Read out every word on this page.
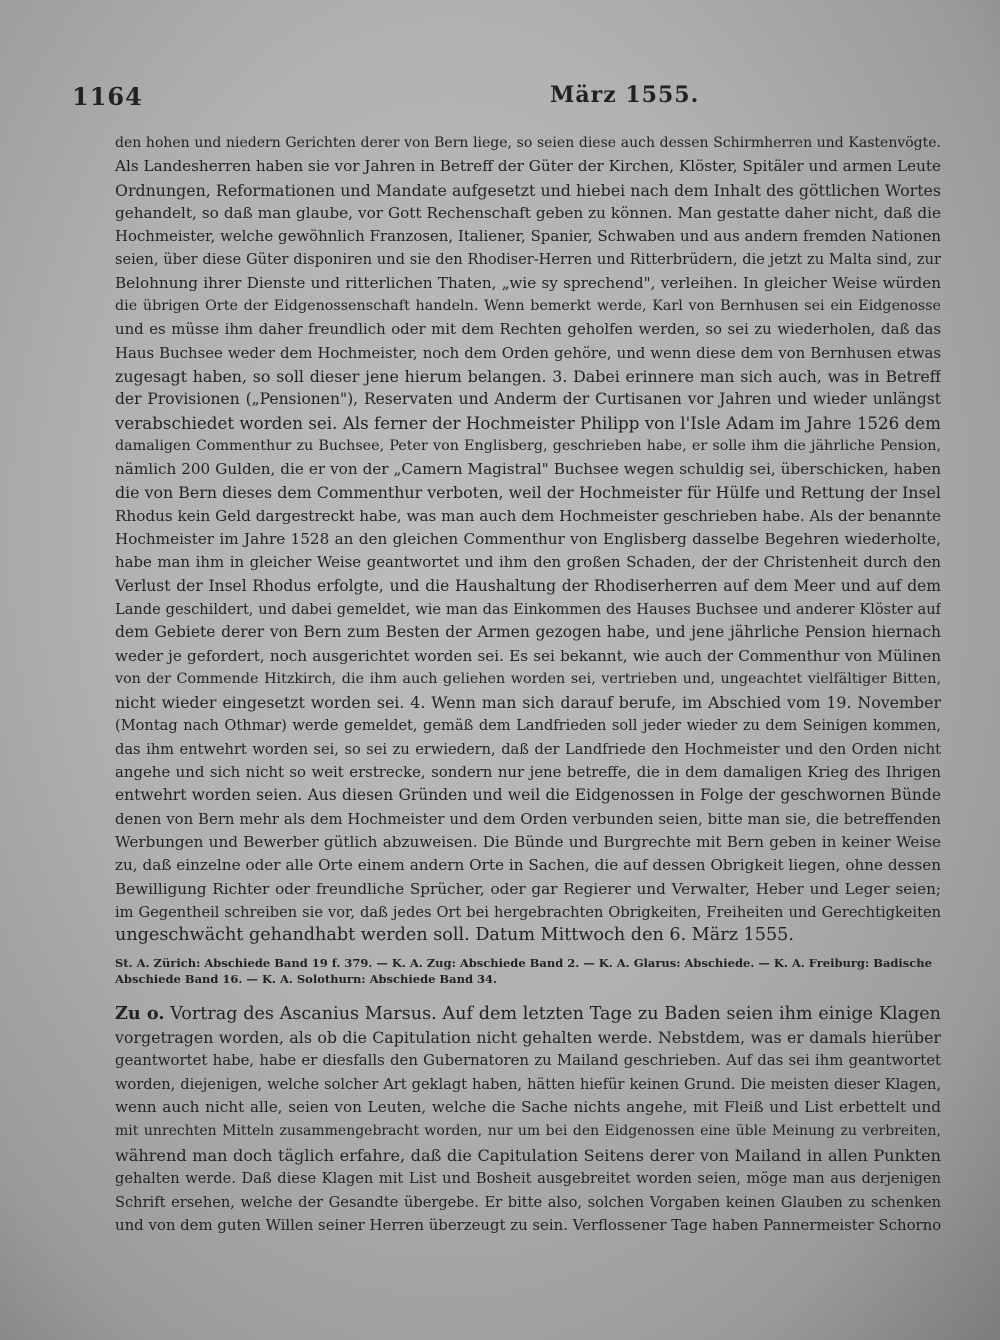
1164	März 1555.
den hohen und niedern Gerichten derer von Bern liege, so seien diese auch dessen Schirmherren und Kastenvögte.
Als Landesherren haben sie vor Jahren in Betreff der Güter der Kirchen, Klöster, Spitäler und armen Leute
Ordnungen, Reformationen und Mandate aufgesetzt und hiebei nach dem Inhalt des göttlichen Wortes
gehandelt, so daß man glaube, vor Gott Rechenschaft geben zu können. Man gestatte daher nicht, daß die
Hochmeister, welche gewöhnlich Franzosen, Italiener, Spanier, Schwaben und aus andern fremden Nationen
seien, über diese Güter disponiren und sie den Rhodiser-Herren und Ritterbrüdern, die jetzt zu Malta sind, zur
Belohnung ihrer Dienste und ritterlichen Thaten, „wie sy sprechend", verleihen. In gleicher Weise würden
die übrigen Orte der Eidgenossenschaft handeln. Wenn bemerkt werde, Karl von Bernhusen sei ein Eidgenosse
und es müsse ihm daher freundlich oder mit dem Rechten geholfen werden, so sei zu wiederholen, daß das
Haus Buchsee weder dem Hochmeister, noch dem Orden gehöre, und wenn diese dem von Bernhusen etwas
zugesagt haben, so soll dieser jene hierum belangen. 3. Dabei erinnere man sich auch, was in Betreff
der Provisionen („Pensionen"), Reservaten und Anderm der Curtisanen vor Jahren und wieder unlängst
verabschiedet worden sei. Als ferner der Hochmeister Philipp von l'Isle Adam im Jahre 1526 dem
damaligen Commenthur zu Buchsee, Peter von Englisberg, geschrieben habe, er solle ihm die jährliche Pension,
nämlich 200 Gulden, die er von der „Camern Magistral" Buchsee wegen schuldig sei, überschicken, haben
die von Bern dieses dem Commenthur verboten, weil der Hochmeister für Hülfe und Rettung der Insel
Rhodus kein Geld dargestreckt habe, was man auch dem Hochmeister geschrieben habe. Als der benannte
Hochmeister im Jahre 1528 an den gleichen Commenthur von Englisberg dasselbe Begehren wiederholte,
habe man ihm in gleicher Weise geantwortet und ihm den großen Schaden, der der Christenheit durch den
Verlust der Insel Rhodus erfolgte, und die Haushaltung der Rhodiserherren auf dem Meer und auf dem
Lande geschildert, und dabei gemeldet, wie man das Einkommen des Hauses Buchsee und anderer Klöster auf
dem Gebiete derer von Bern zum Besten der Armen gezogen habe, und jene jährliche Pension hiernach
weder je gefordert, noch ausgerichtet worden sei. Es sei bekannt, wie auch der Commenthur von Mülinen
von der Commende Hitzkirch, die ihm auch geliehen worden sei, vertrieben und, ungeachtet vielfältiger Bitten,
nicht wieder eingesetzt worden sei. 4. Wenn man sich darauf berufe, im Abschied vom 19. November
(Montag nach Othmar) werde gemeldet, gemäß dem Landfrieden soll jeder wieder zu dem Seinigen kommen,
das ihm entwehrt worden sei, so sei zu erwiedern, daß der Landfriede den Hochmeister und den Orden nicht
angehe und sich nicht so weit erstrecke, sondern nur jene betreffe, die in dem damaligen Krieg des Ihrigen
entwehrt worden seien. Aus diesen Gründen und weil die Eidgenossen in Folge der geschwornen Bünde
denen von Bern mehr als dem Hochmeister und dem Orden verbunden seien, bitte man sie, die betreffenden
Werbungen und Bewerber gütlich abzuweisen. Die Bünde und Burgrechte mit Bern geben in keiner Weise
zu, daß einzelne oder alle Orte einem andern Orte in Sachen, die auf dessen Obrigkeit liegen, ohne dessen
Bewilligung Richter oder freundliche Sprücher, oder gar Regierer und Verwalter, Heber und Leger seien;
im Gegentheil schreiben sie vor, daß jedes Ort bei hergebrachten Obrigkeiten, Freiheiten und Gerechtigkeiten
ungeschwächt gehandhabt werden soll. Datum Mittwoch den 6. März 1555.
St. A. Zürich: Abschiede Band 19 f. 379. — K. A. Zug: Abschiede Band 2. — K. A. Glarus: Abschiede. — K. A. Freiburg: Badische
Abschiede Band 16. — K. A. Solothurn: Abschiede Band 34.
Zu o. Vortrag des Ascanius Marsus. Auf dem letzten Tage zu Baden seien ihm einige Klagen
vorgetragen worden, als ob die Capitulation nicht gehalten werde. Nebstdem, was er damals hierüber
geantwortet habe, habe er diesfalls den Gubernatoren zu Mailand geschrieben. Auf das sei ihm geantwortet
worden, diejenigen, welche solcher Art geklagt haben, hätten hiefür keinen Grund. Die meisten dieser Klagen,
wenn auch nicht alle, seien von Leuten, welche die Sache nichts angehe, mit Fleiß und List erbettelt und
mit unrechten Mitteln zusammengebracht worden, nur um bei den Eidgenossen eine üble Meinung zu verbreiten,
während man doch täglich erfahre, daß die Capitulation Seitens derer von Mailand in allen Punkten
gehalten werde. Daß diese Klagen mit List und Bosheit ausgebreitet worden seien, möge man aus derjenigen
Schrift ersehen, welche der Gesandte übergebe. Er bitte also, solchen Vorgaben keinen Glauben zu schenken
und von dem guten Willen seiner Herren überzeugt zu sein. Verflossener Tage haben Pannermeister Schorno
